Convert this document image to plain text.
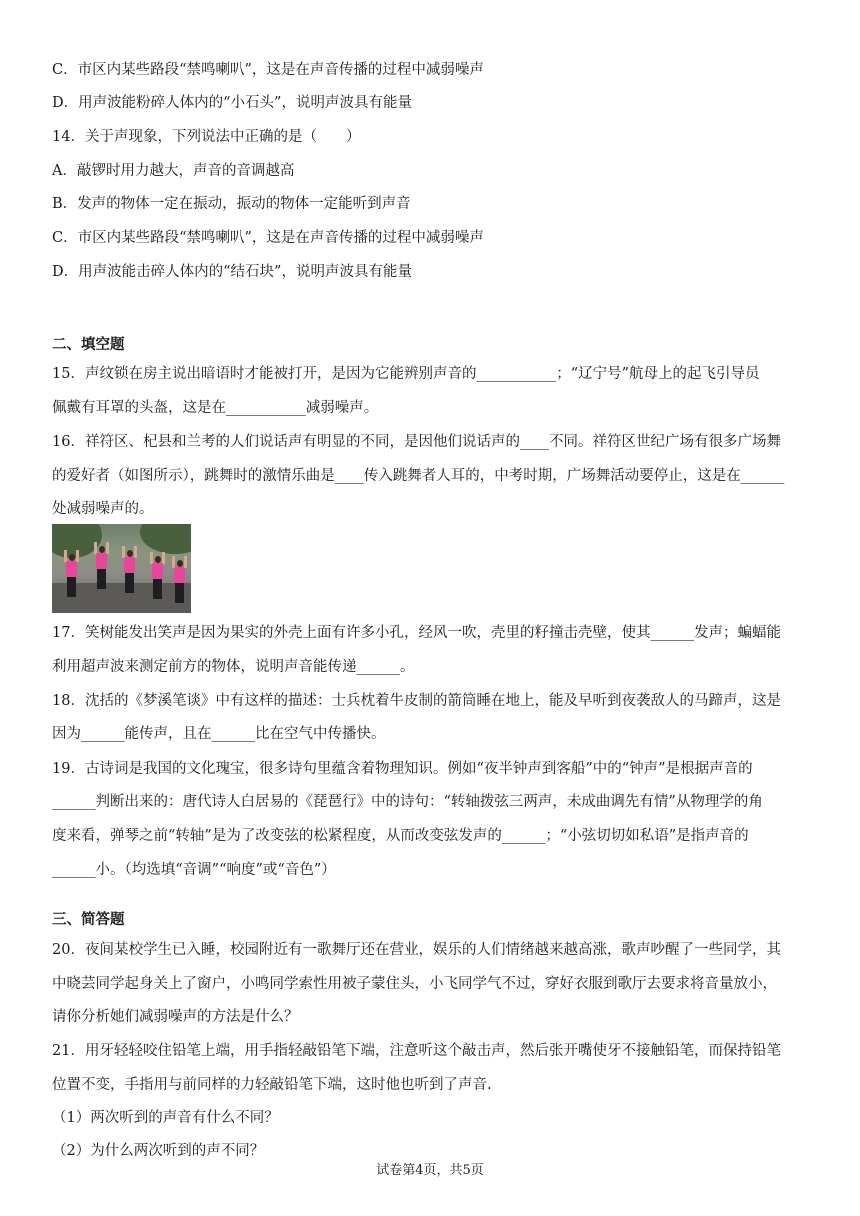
C．市区内某些路段“禁鸣喇叭”，这是在声音传播的过程中减弱噪声
D．用声波能粉碎人体内的“小石头”，说明声波具有能量
14．关于声现象，下列说法中正确的是（　　）
A．敲锣时用力越大，声音的音调越高
B．发声的物体一定在振动，振动的物体一定能听到声音
C．市区内某些路段“禁鸣喇叭”，这是在声音传播的过程中减弱噪声
D．用声波能击碎人体内的“结石块”，说明声波具有能量
二、填空题
15．声纹锁在房主说出暗语时才能被打开，是因为它能辨别声音的___________；“辽宁号”航母上的起飞引导员
佩戴有耳罩的头盔，这是在___________减弱噪声。
16．祥符区、杞县和兰考的人们说话声有明显的不同，是因他们说话声的____不同。祥符区世纪广场有很多广场舞
的爱好者（如图所示），跳舞时的激情乐曲是____传入跳舞者人耳的，中考时期，广场舞活动要停止，这是在______
处减弱噪声的。
17．笑树能发出笑声是因为果实的外壳上面有许多小孔，经风一吹，壳里的籽撞击壳壁，使其______发声；蝙蝠能
利用超声波来测定前方的物体，说明声音能传递______。
18．沈括的《梦溪笔谈》中有这样的描述：士兵枕着牛皮制的箭筒睡在地上，能及早听到夜袭敌人的马蹄声，这是
因为______能传声，且在______比在空气中传播快。
19．古诗词是我国的文化瑰宝，很多诗句里蕴含着物理知识。例如“夜半钟声到客船”中的“钟声”是根据声音的
______判断出来的：唐代诗人白居易的《琵琶行》中的诗句：“转轴拨弦三两声，未成曲调先有情”从物理学的角
度来看，弹琴之前“转轴”是为了改变弦的松紧程度，从而改变弦发声的______；“小弦切切如私语”是指声音的
______小。（均选填“音调”“响度”或“音色”）
三、简答题
20．夜间某校学生已入睡，校园附近有一歌舞厅还在营业，娱乐的人们情绪越来越高涨，歌声吵醒了一些同学，其
中晓芸同学起身关上了窗户，小鸣同学索性用被子蒙住头，小飞同学气不过，穿好衣服到歌厅去要求将音量放小，
请你分析她们减弱噪声的方法是什么？
21．用牙轻轻咬住铅笔上端，用手指轻敲铅笔下端，注意听这个敲击声，然后张开嘴使牙不接触铅笔，而保持铅笔
位置不变，手指用与前同样的力轻敲铅笔下端，这时他也听到了声音.
（1）两次听到的声音有什么不同？
（2）为什么两次听到的声不同？
试卷第4页，共5页
